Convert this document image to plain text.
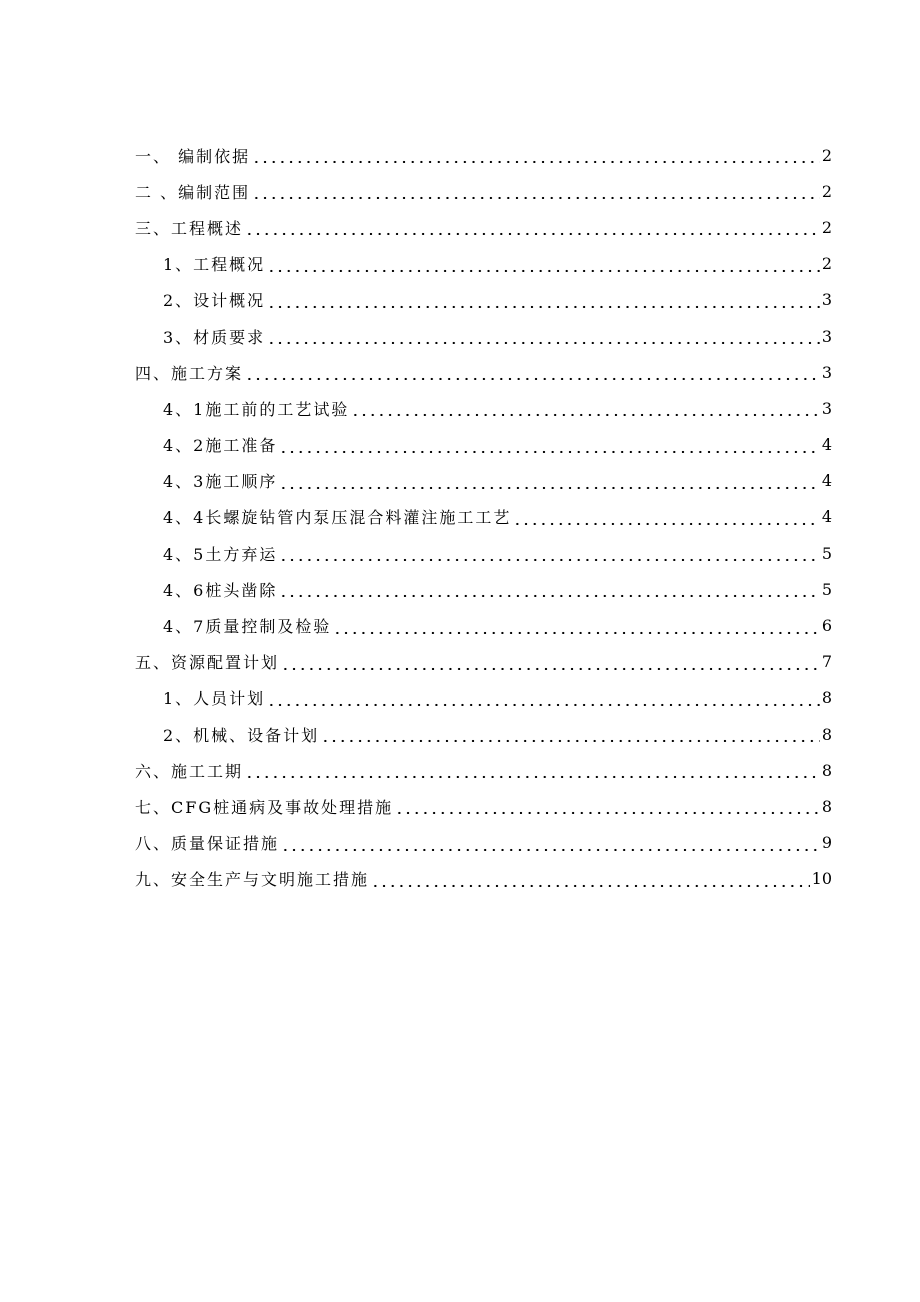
一、 编制依据	2
二 、编制范围	2
三、工程概述	2
1、工程概况	2
2、设计概况	3
3、材质要求	3
四、施工方案	3
4、1施工前的工艺试验	3
4、2施工准备	4
4、3施工顺序	4
4、4长螺旋钻管内泵压混合料灌注施工工艺	4
4、5土方弃运	5
4、6桩头凿除	5
4、7质量控制及检验	6
五、资源配置计划	7
1、人员计划	8
2、机械、设备计划	8
六、施工工期	8
七、CFG桩通病及事故处理措施	8
八、质量保证措施	9
九、安全生产与文明施工措施	10
